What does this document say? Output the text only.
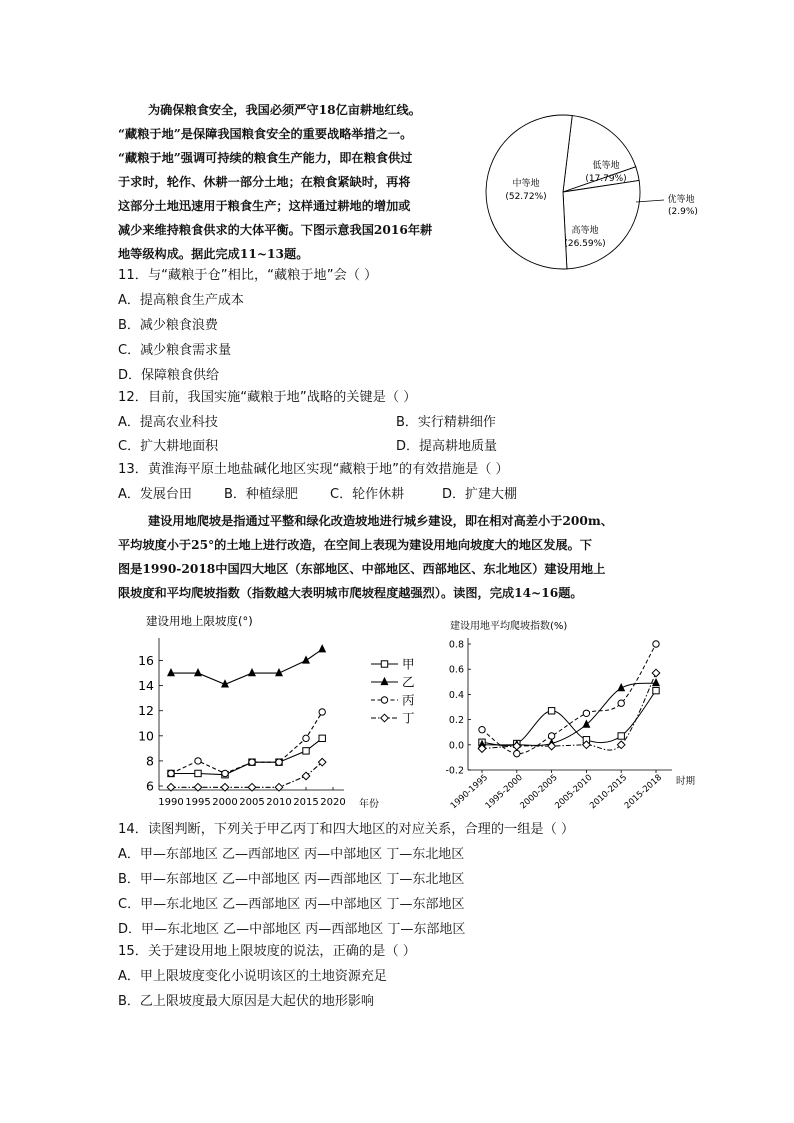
为确保粮食安全，我国必须严守18亿亩耕地红线。
“藏粮于地”是保障我国粮食安全的重要战略举措之一。
“藏粮于地”强调可持续的粮食生产能力，即在粮食供过
于求时，轮作、休耕一部分土地；在粮食紧缺时，再将
这部分土地迅速用于粮食生产；这样通过耕地的增加或
减少来维持粮食供求的大体平衡。下图示意我国2016年耕
地等级构成。据此完成11~13题。
中等地
(52.72%)
低等地
(17.79%)
高等地
(26.59%)
优等地
(2.9%)
11．与“藏粮于仓”相比，“藏粮于地”会（ ）
A．提高粮食生产成本
B．减少粮食浪费
C．减少粮食需求量
D．保障粮食供给
12．目前，我国实施“藏粮于地”战略的关键是（ ）
A．提高农业科技	B．实行精耕细作
C．扩大耕地面积	D．提高耕地质量
13．黄淮海平原土地盐碱化地区实现“藏粮于地”的有效措施是（ ）
A．发展台田 B．种植绿肥 C．轮作休耕	D．扩建大棚
建设用地爬坡是指通过平整和绿化改造坡地进行城乡建设，即在相对高差小于200m、
平均坡度小于25°的土地上进行改造，在空间上表现为建设用地向坡度大的地区发展。下
图是1990-2018中国四大地区（东部地区、中部地区、西部地区、东北地区）建设用地上
限坡度和平均爬坡指数（指数越大表明城市爬坡程度越强烈）。读图，完成14~16题。
建设用地上限坡度(°)
6
8
10
12
14
16
1990 1995 2000 2005 2010 2015 2020 年份
甲
乙
丙
丁
建设用地平均爬坡指数(%)
-0.2
0.0
0.2
0.4
0.6
0.8
1990-1995
1995-2000
2000-2005
2005-2010
2010-2015
2015-2018 时期
14．读图判断，下列关于甲乙丙丁和四大地区的对应关系，合理的一组是（ ）
A．甲—东部地区 乙—西部地区 丙—中部地区 丁—东北地区
B．甲—东部地区 乙—中部地区 丙—西部地区 丁—东北地区
C．甲—东北地区 乙—西部地区 丙—中部地区 丁—东部地区
D．甲—东北地区 乙—中部地区 丙—西部地区 丁—东部地区
15．关于建设用地上限坡度的说法，正确的是（ ）
A．甲上限坡度变化小说明该区的土地资源充足
B．乙上限坡度最大原因是大起伏的地形影响
